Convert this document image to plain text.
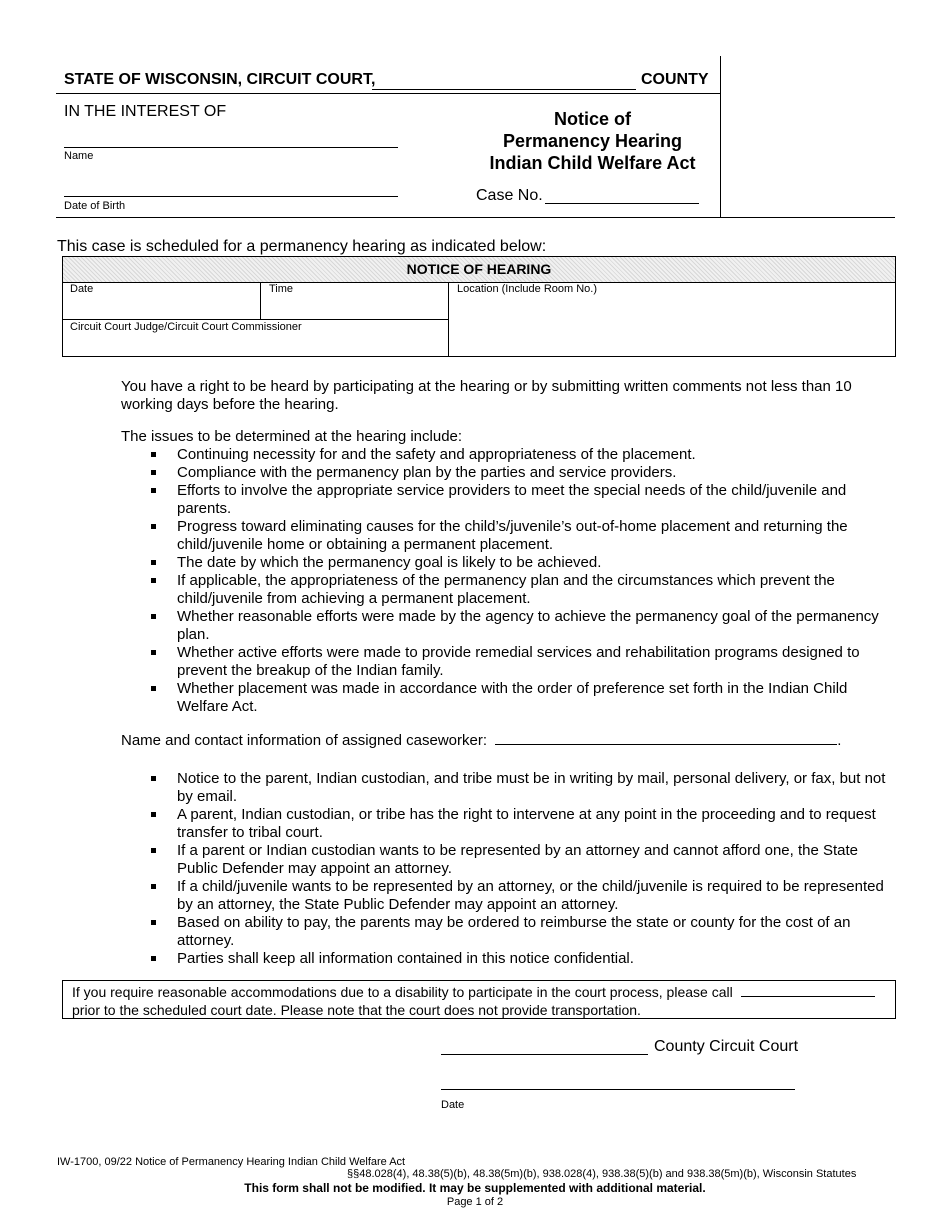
STATE OF WISCONSIN, CIRCUIT COURT,	COUNTY
IN THE INTEREST OF
Name
Date of Birth
Notice of
Permanency Hearing
Indian Child Welfare Act
Case No.
This case is scheduled for a permanency hearing as indicated below:
NOTICE OF HEARING
Date	Time	Location (Include Room No.)
Circuit Court Judge/Circuit Court Commissioner
You have a right to be heard by participating at the hearing or by submitting written comments not less than 10 working days before the hearing.
The issues to be determined at the hearing include:
Continuing necessity for and the safety and appropriateness of the placement.
Compliance with the permanency plan by the parties and service providers.
Efforts to involve the appropriate service providers to meet the special needs of the child/juvenile and parents.
Progress toward eliminating causes for the child’s/juvenile’s out-of-home placement and returning the child/juvenile home or obtaining a permanent placement.
The date by which the permanency goal is likely to be achieved.
If applicable, the appropriateness of the permanency plan and the circumstances which prevent the child/juvenile from achieving a permanent placement.
Whether reasonable efforts were made by the agency to achieve the permanency goal of the permanency plan.
Whether active efforts were made to provide remedial services and rehabilitation programs designed to prevent the breakup of the Indian family.
Whether placement was made in accordance with the order of preference set forth in the Indian Child Welfare Act.
Name and contact information of assigned caseworker:	.
Notice to the parent, Indian custodian, and tribe must be in writing by mail, personal delivery, or fax, but not by email.
A parent, Indian custodian, or tribe has the right to intervene at any point in the proceeding and to request transfer to tribal court.
If a parent or Indian custodian wants to be represented by an attorney and cannot afford one, the State Public Defender may appoint an attorney.
If a child/juvenile wants to be represented by an attorney, or the child/juvenile is required to be represented by an attorney, the State Public Defender may appoint an attorney.
Based on ability to pay, the parents may be ordered to reimburse the state or county for the cost of an attorney.
Parties shall keep all information contained in this notice confidential.
If you require reasonable accommodations due to a disability to participate in the court process, please call
prior to the scheduled court date. Please note that the court does not provide transportation.
County Circuit Court
Date
IW-1700, 09/22 Notice of Permanency Hearing Indian Child Welfare Act
§§48.028(4), 48.38(5)(b), 48.38(5m)(b), 938.028(4), 938.38(5)(b) and 938.38(5m)(b), Wisconsin Statutes
This form shall not be modified. It may be supplemented with additional material.
Page 1 of 2
